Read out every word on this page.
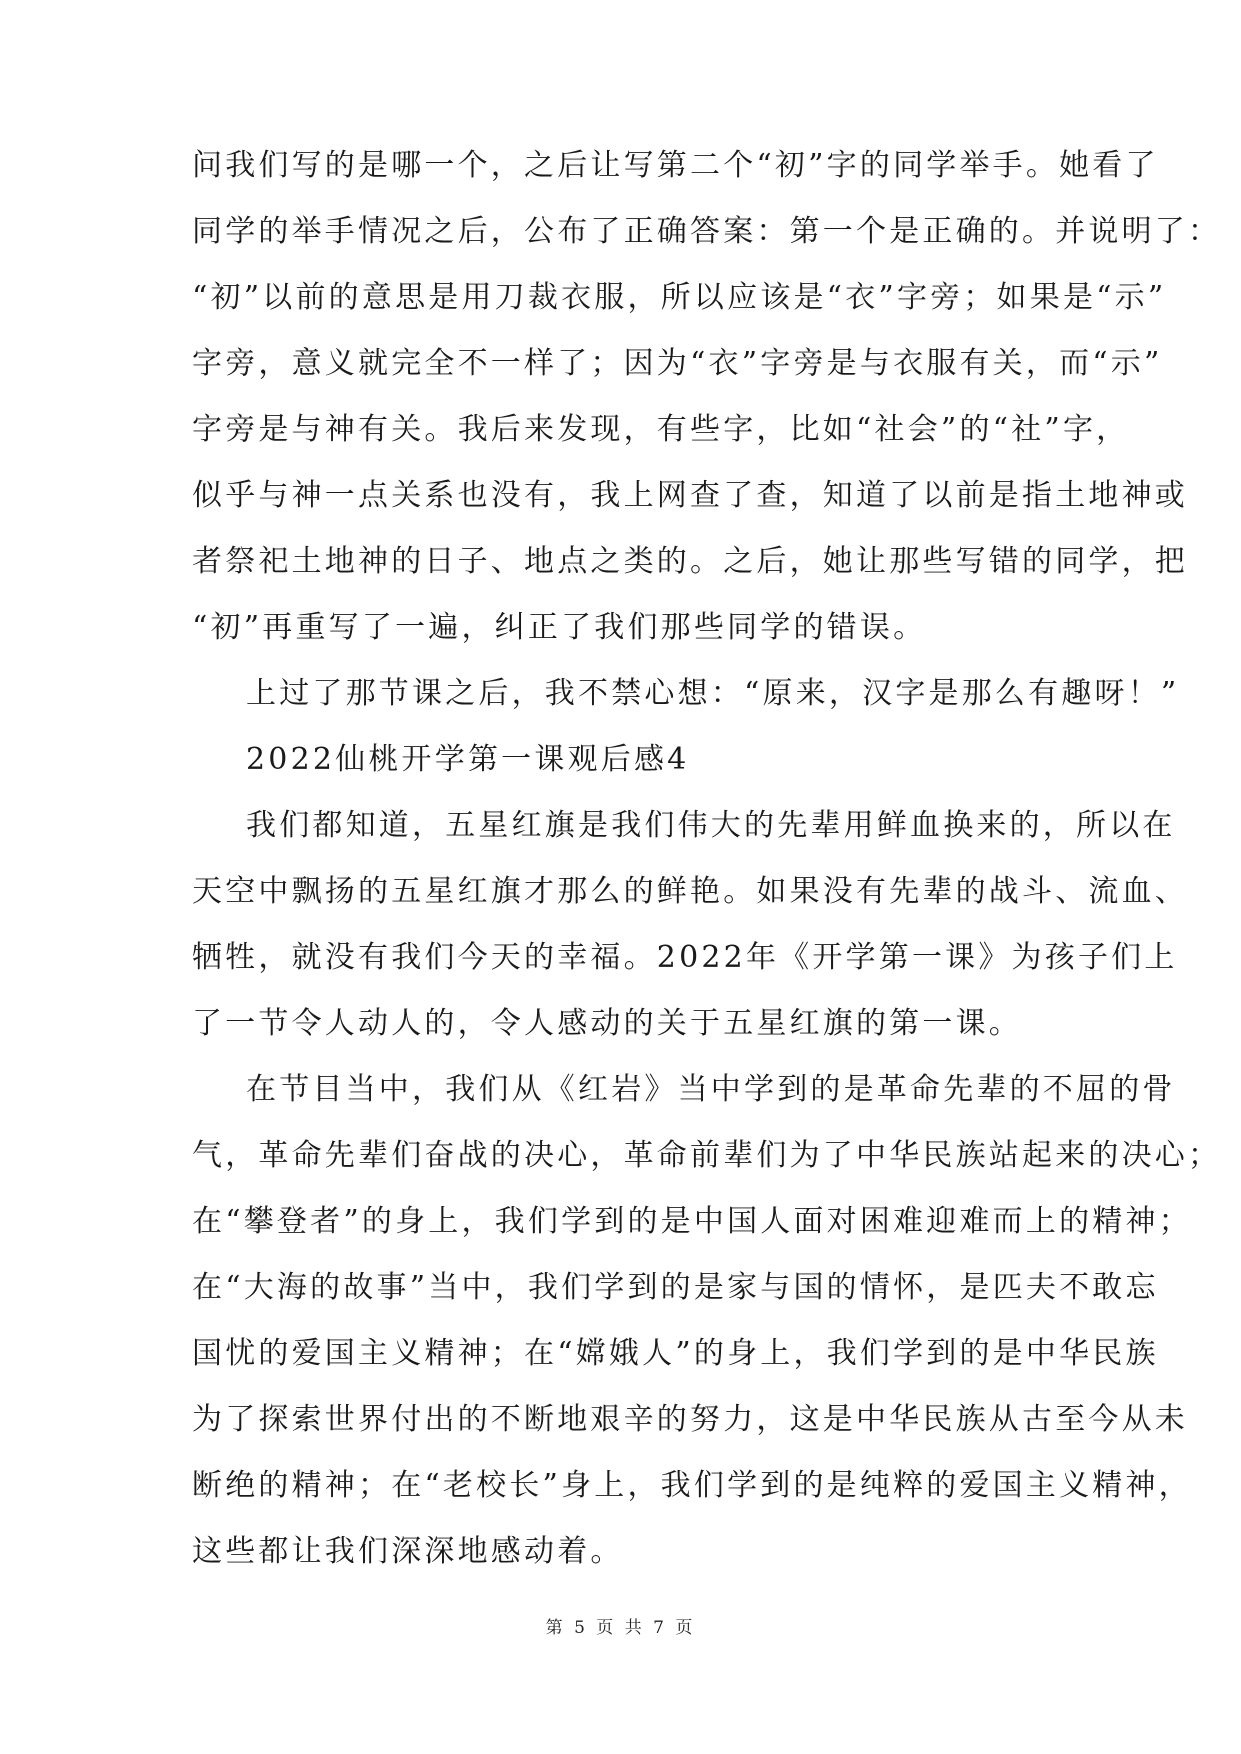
问我们写的是哪一个，之后让写第二个“初”字的同学举手。她看了
同学的举手情况之后，公布了正确答案：第一个是正确的。并说明了：
“初”以前的意思是用刀裁衣服，所以应该是“衣”字旁；如果是“示”
字旁，意义就完全不一样了；因为“衣”字旁是与衣服有关，而“示”
字旁是与神有关。我后来发现，有些字，比如“社会”的“社”字，
似乎与神一点关系也没有，我上网查了查，知道了以前是指土地神或
者祭祀土地神的日子、地点之类的。之后，她让那些写错的同学，把
“初”再重写了一遍，纠正了我们那些同学的错误。
上过了那节课之后，我不禁心想：“原来，汉字是那么有趣呀！”
2022仙桃开学第一课观后感4
我们都知道，五星红旗是我们伟大的先辈用鲜血换来的，所以在
天空中飘扬的五星红旗才那么的鲜艳。如果没有先辈的战斗、流血、
牺牲，就没有我们今天的幸福。2022年《开学第一课》为孩子们上
了一节令人动人的，令人感动的关于五星红旗的第一课。
在节目当中，我们从《红岩》当中学到的是革命先辈的不屈的骨
气，革命先辈们奋战的决心，革命前辈们为了中华民族站起来的决心；
在“攀登者”的身上，我们学到的是中国人面对困难迎难而上的精神；
在“大海的故事”当中，我们学到的是家与国的情怀，是匹夫不敢忘
国忧的爱国主义精神；在“嫦娥人”的身上，我们学到的是中华民族
为了探索世界付出的不断地艰辛的努力，这是中华民族从古至今从未
断绝的精神；在“老校长”身上，我们学到的是纯粹的爱国主义精神，
这些都让我们深深地感动着。
第 5 页 共 7 页
